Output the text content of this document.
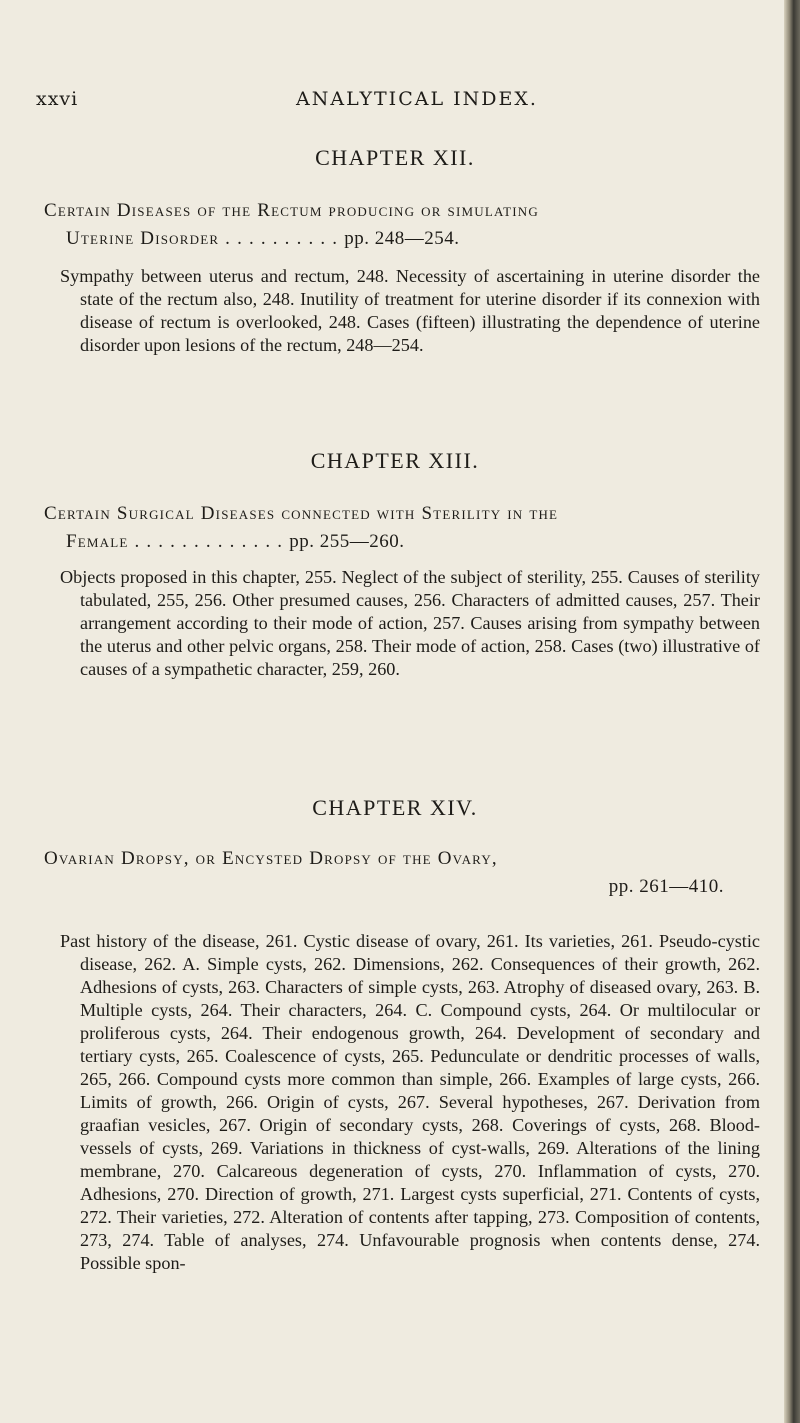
xxvi	ANALYTICAL INDEX.
CHAPTER XII.
Certain Diseases of the Rectum producing or simulating
Uterine Disorder . . . . . . . . . . pp. 248—254.
Sympathy between uterus and rectum, 248. Necessity of ascertaining in uterine disorder the state of the rectum also, 248. Inutility of treatment for uterine disorder if its connexion with disease of rectum is overlooked, 248. Cases (fifteen) illustrating the dependence of uterine disorder upon lesions of the rectum, 248—254.
CHAPTER XIII.
Certain Surgical Diseases connected with Sterility in the
Female . . . . . . . . . . . . . pp. 255—260.
Objects proposed in this chapter, 255. Neglect of the subject of sterility, 255. Causes of sterility tabulated, 255, 256. Other presumed causes, 256. Characters of admitted causes, 257. Their arrangement according to their mode of action, 257. Causes arising from sympathy between the uterus and other pelvic organs, 258. Their mode of action, 258. Cases (two) illustrative of causes of a sympathetic character, 259, 260.
CHAPTER XIV.
Ovarian Dropsy, or Encysted Dropsy of the Ovary,
pp. 261—410.
Past history of the disease, 261. Cystic disease of ovary, 261. Its varieties, 261. Pseudo-cystic disease, 262. A. Simple cysts, 262. Dimensions, 262. Consequences of their growth, 262. Adhesions of cysts, 263. Characters of simple cysts, 263. Atrophy of diseased ovary, 263. B. Multiple cysts, 264. Their characters, 264. C. Compound cysts, 264. Or multilocular or proliferous cysts, 264. Their endogenous growth, 264. Development of secondary and tertiary cysts, 265. Coalescence of cysts, 265. Pedunculate or dendritic processes of walls, 265, 266. Compound cysts more common than simple, 266. Examples of large cysts, 266. Limits of growth, 266. Origin of cysts, 267. Several hypotheses, 267. Derivation from graafian vesicles, 267. Origin of secondary cysts, 268. Coverings of cysts, 268. Blood-vessels of cysts, 269. Variations in thickness of cyst-walls, 269. Alterations of the lining membrane, 270. Calcareous degeneration of cysts, 270. Inflammation of cysts, 270. Adhesions, 270. Direction of growth, 271. Largest cysts superficial, 271. Contents of cysts, 272. Their varieties, 272. Alteration of contents after tapping, 273. Composition of contents, 273, 274. Table of analyses, 274. Unfavourable prognosis when contents dense, 274. Possible spon-
